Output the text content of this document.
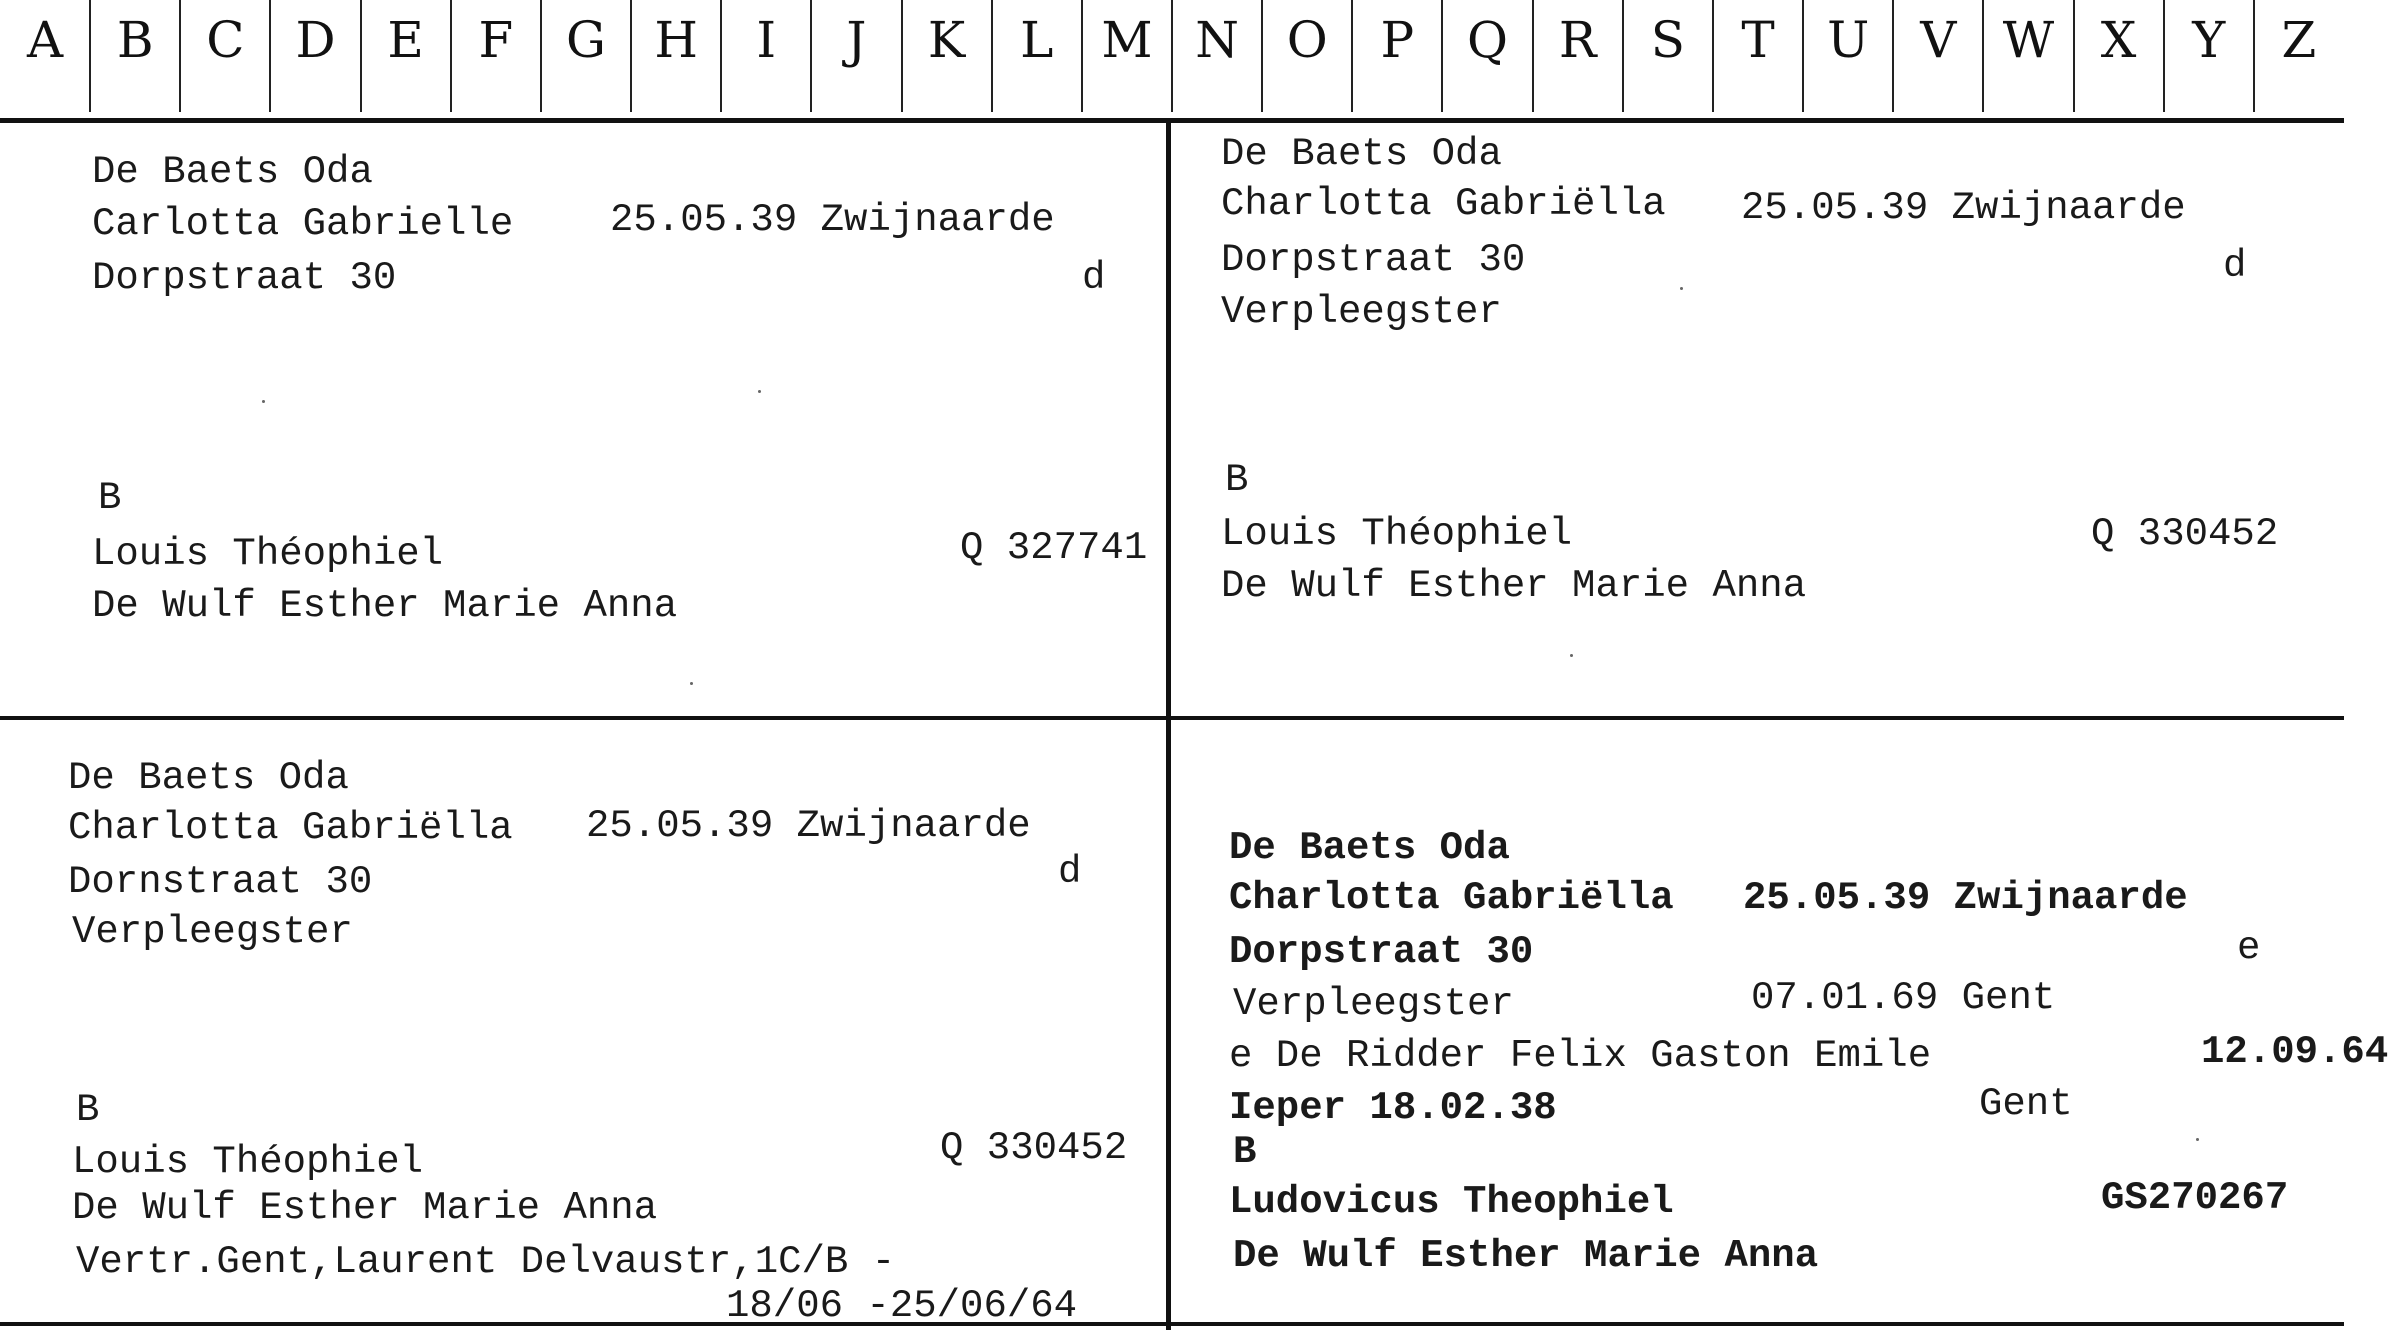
A	B	C	D	E	F	G H	I	J	K	L M N O	P	Q	R	S	T	U	V W X	Y	Z
De Baets Oda
Carlotta Gabrielle 25.05.39 Zwijnaarde
Dorpstraat 30	d
B
Louis Théophiel	Q 327741
De Wulf Esther Marie Anna
De Baets Oda
Charlotta Gabriëlla 25.05.39 Zwijnaarde
Dorpstraat 30	d
Verpleegster
B
Louis Théophiel	Q 330452
De Wulf Esther Marie Anna
De Baets Oda
Charlotta Gabriëlla 25.05.39 Zwijnaarde
Dornstraat 30	d
Verpleegster
B
Louis Théophiel	Q 330452
De Wulf Esther Marie Anna
Vertr.Gent,Laurent Delvaustr,1C/B -
18/06 -25/06/64
De Baets Oda
Charlotta Gabriëlla 25.05.39 Zwijnaarde
Dorpstraat 30	e
Verpleegster	07.01.69 Gent
e De Ridder Felix Gaston Emile	12.09.64
Ieper 18.02.38	Gent
B
Ludovicus Theophiel	GS270267
De Wulf Esther Marie Anna
